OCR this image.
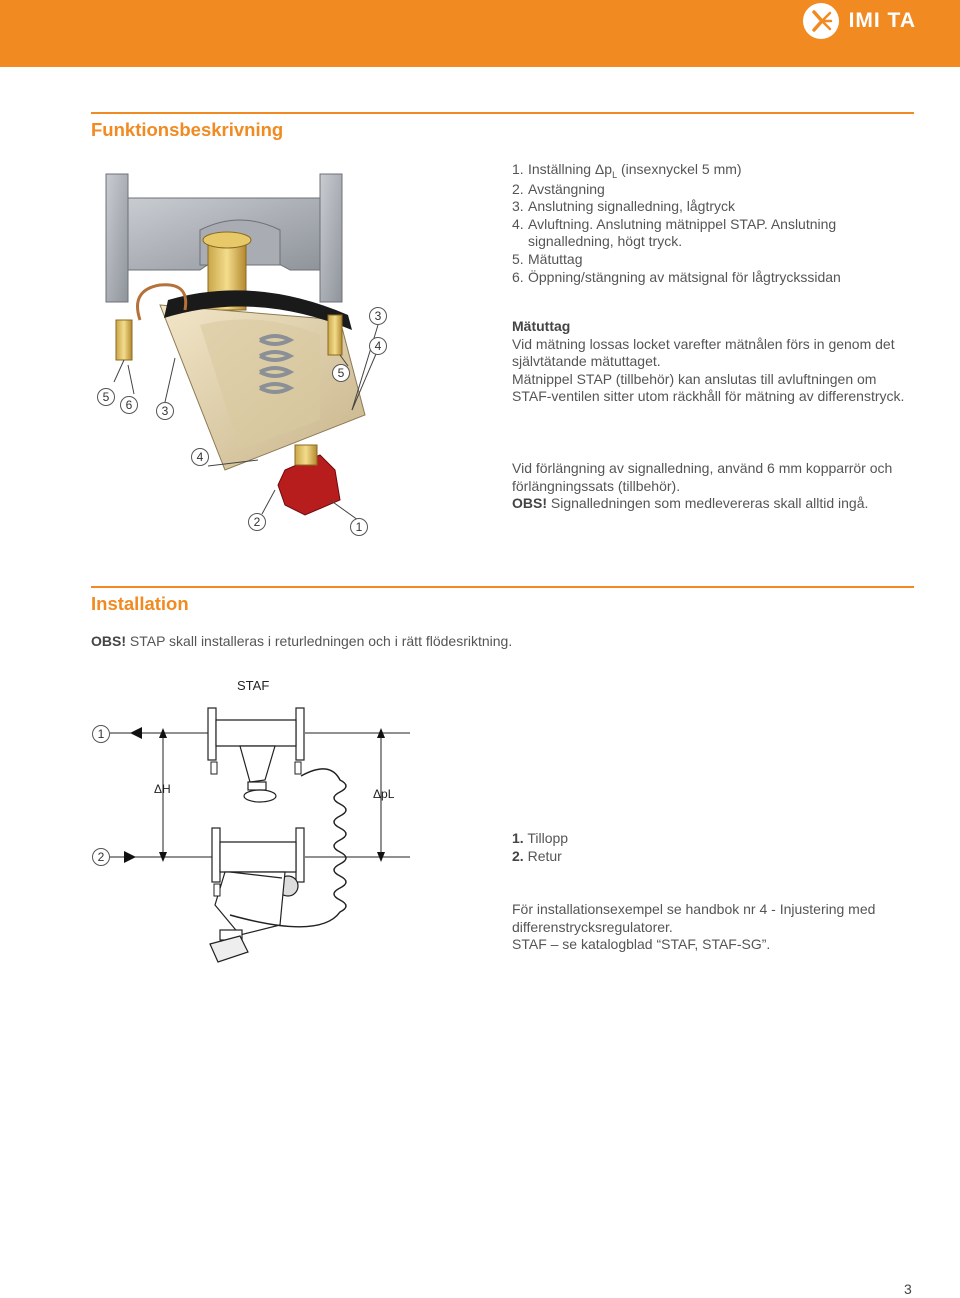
IMI TA
Funktionsbeskrivning
5
6	3
5
3
4
4
2	1
1. Inställning $\Delta p_L$ (insexnyckel 5 mm)
2. Avstängning
3. Anslutning signalledning, lågtryck
4. Avluftning. Anslutning mätnippel STAP. Anslutning signalledning, högt tryck.
5. Mätuttag
6. Öppning/stängning av mätsignal för lågtryckssidan

Mätuttag

Vid mätning lossas locket varefter mätnålen förs in genom det självtätande mätuttaget.

Mätnippel STAP (tillbehör) kan anslutas till avluftningen om STAF-ventilen sitter utom räckhåll för mätning av differenstryck.

Vid förlängning av signalledning, använd 6 mm kopparrör och förlängningssats (tillbehör).

OBS! Signalledningen som medlevereras skall alltid ingå.

Installation

OBS! STAP skall installeras i returledningen och i rätt flödesriktning.

STAF
ΔH	ΔpL
1
2

1. Tillopp

2. Retur

För installationsexempel se handbok nr 4 - Injustering med differenstrycksregulatorer.

STAF – se katalogblad “STAF, STAF-SG”.

3
